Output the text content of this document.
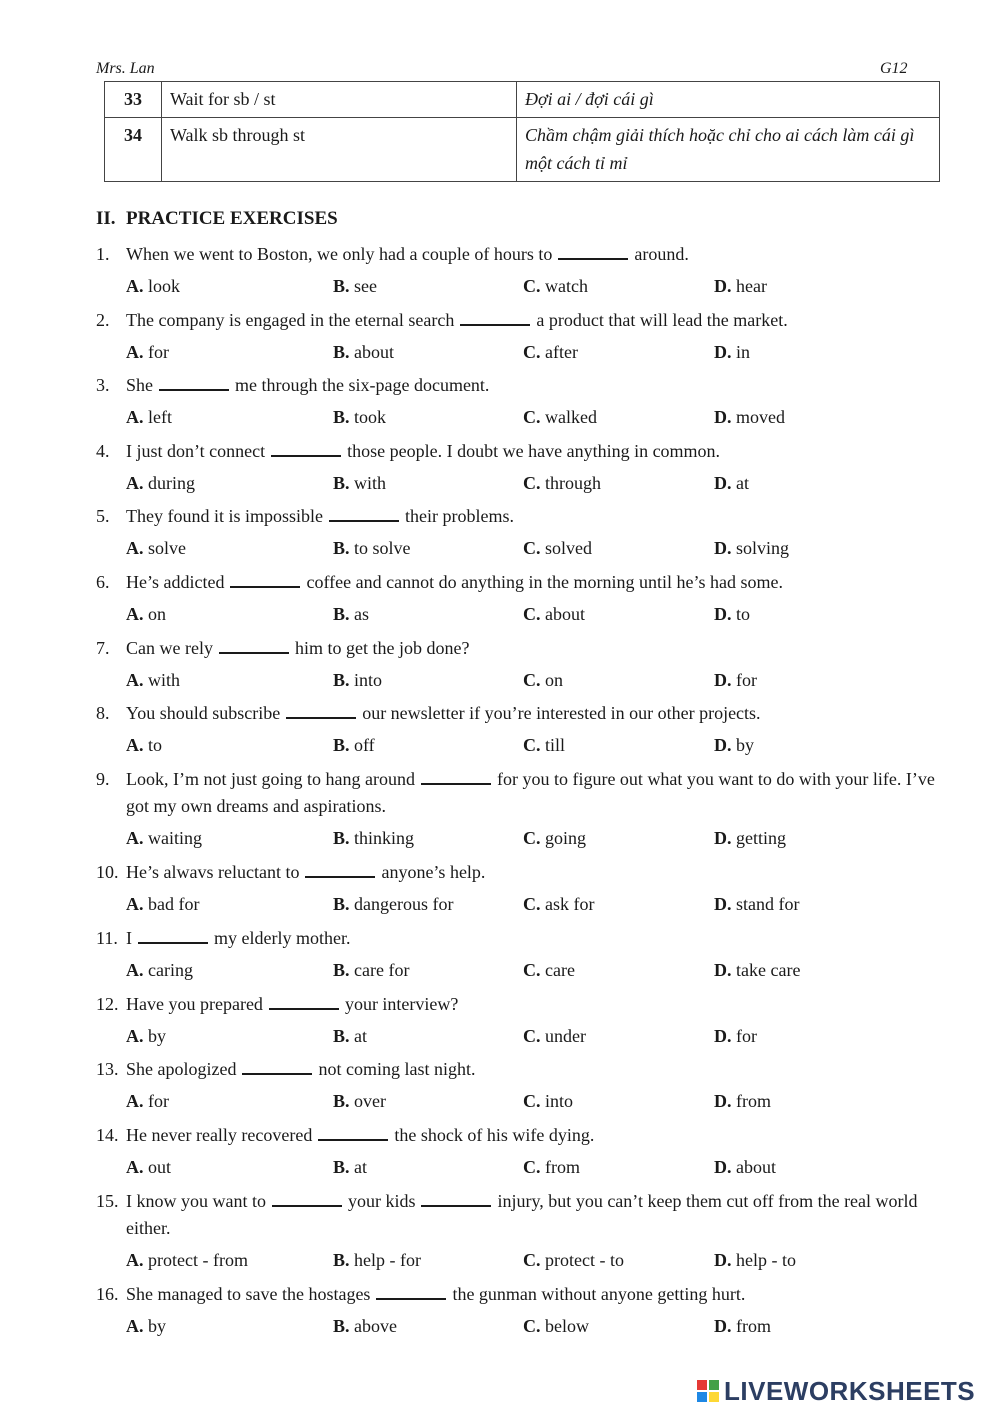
Mrs. Lan	G12
33	Wait for sb / st	Đợi ai / đợi cái gì
34	Walk sb through st	Chầm chậm giải thích hoặc chỉ cho ai cách làm cái gì một cách tỉ mỉ
II. PRACTICE EXERCISES
1. When we went to Boston, we only had a couple of hours to	around.
A. look	B. see	C. watch	D. hear
2. The company is engaged in the eternal search	a product that will lead the market.
A. for	B. about	C. after	D. in
3. She	me through the six-page document.
A. left	B. took	C. walked	D. moved
4. I just don’t connect	those people. I doubt we have anything in common.
A. during	B. with	C. through	D. at
5. They found it is impossible	their problems.
A. solve	B. to solve	C. solved	D. solving
6. He’s addicted	coffee and cannot do anything in the morning until he’s had some.
A. on	B. as	C. about	D. to
7. Can we rely	him to get the job done?
A. with	B. into	C. on	D. for
8. You should subscribe	our newsletter if you’re interested in our other projects.
A. to	B. off	C. till	D. by
9. Look, I’m not just going to hang around	for you to figure out what you want to do with your life. I’ve got my own dreams and aspirations.
A. waiting	B. thinking	C. going	D. getting
10. He’s alwavs reluctant to	anyone’s help.
A. bad for	B. dangerous for	C. ask for	D. stand for
11. I	my elderly mother.
A. caring	B. care for	C. care	D. take care
12. Have you prepared	your interview?
A. by	B. at	C. under	D. for
13. She apologized	not coming last night.
A. for	B. over	C. into	D. from
14. He never really recovered	the shock of his wife dying.
A. out	B. at	C. from	D. about
15. I know you want to	your kids	injury, but you can’t keep them cut off from the real world either.
A. protect - from	B. help - for	C. protect - to	D. help - to
16. She managed to save the hostages	the gunman without anyone getting hurt.
A. by	B. above	C. below	D. from
LIVEWORKSHEETS
